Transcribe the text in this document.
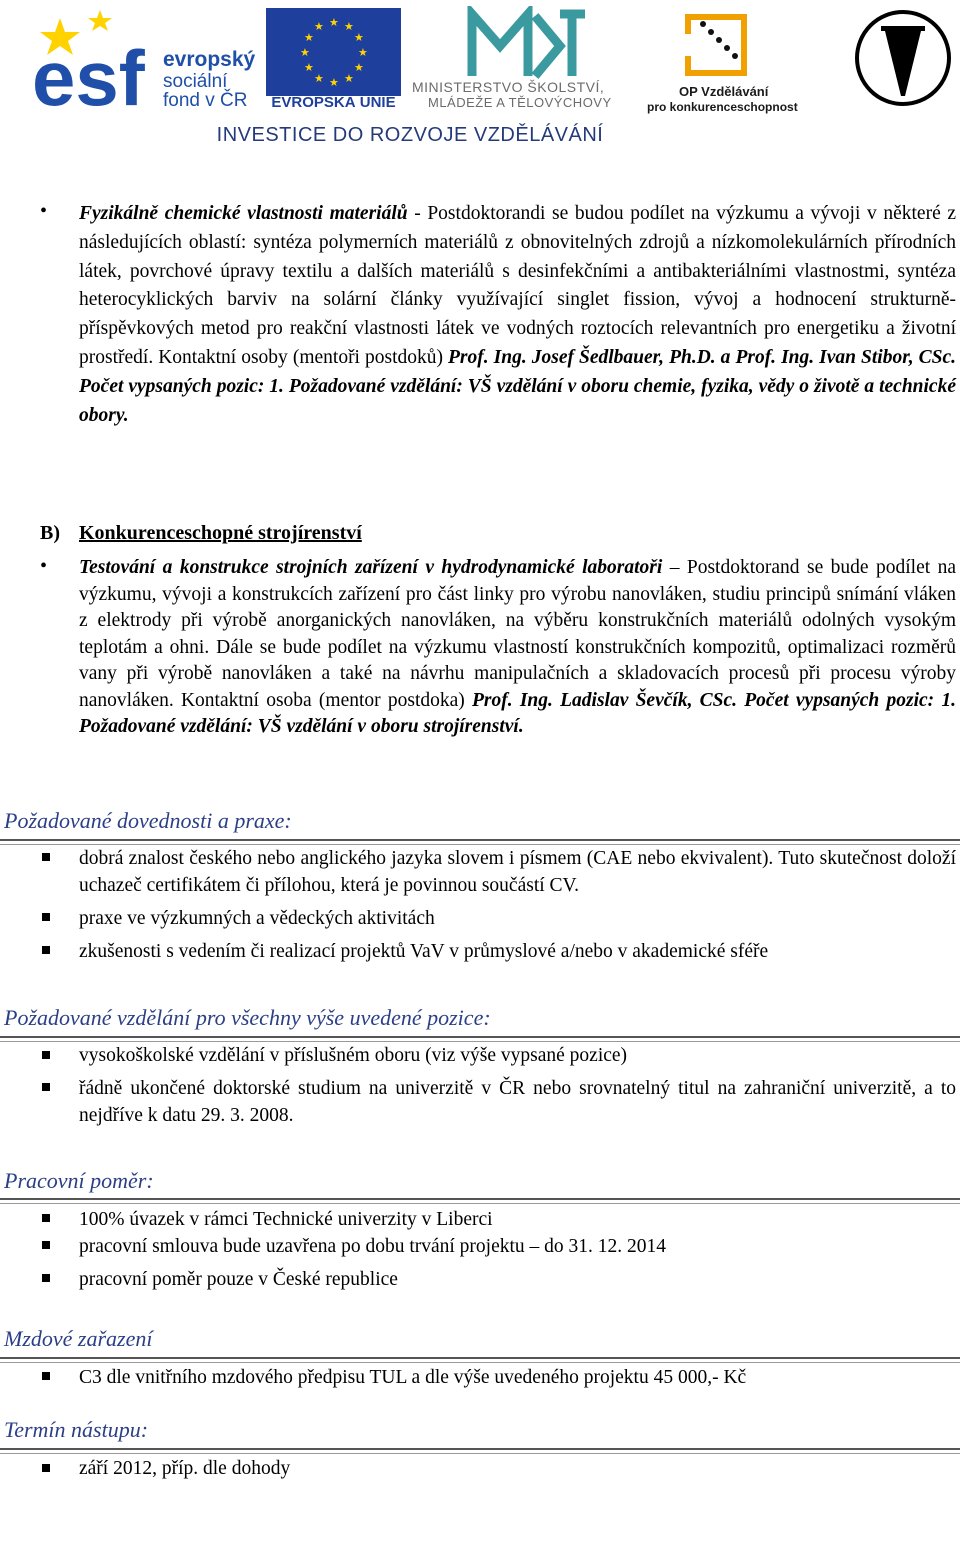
esf evropský
sociální
fond v ČR
★ ★
★
★
★
★
★
★
★
★
★
★
EVROPSKÁ UNIE
MINISTERSTVO ŠKOLSTVÍ,
MLÁDEŽE A TĚLOVÝCHOVY
OP Vzdělávání
pro konkurenceschopnost
INVESTICE DO ROZVOJE VZDĚLÁVÁNÍ
• Fyzikálně chemické vlastnosti materiálů - Postdoktorandi se budou podílet na výzkumu a vývoji v některé z následujících oblastí: syntéza polymerních materiálů z obnovitelných zdrojů a nízkomolekulárních přírodních látek, povrchové úpravy textilu a dalších materiálů s desinfekčními a antibakteriálními vlastnostmi, syntéza heterocyklických barviv na solární články využívající singlet fission, vývoj a hodnocení strukturně-příspěvkových metod pro reakční vlastnosti látek ve vodných roztocích relevantních pro energetiku a životní prostředí. Kontaktní osoby (mentoři postdoků) Prof. Ing. Josef Šedlbauer, Ph.D. a Prof. Ing. Ivan Stibor, CSc. Počet vypsaných pozic: 1. Požadované vzdělání: VŠ vzdělání v oboru chemie, fyzika, vědy o životě a technické obory.
B) Konkurenceschopné strojírenství
• Testování a konstrukce strojních zařízení v hydrodynamické laboratoři – Postdoktorand se bude podílet na výzkumu, vývoji a konstrukcích zařízení pro část linky pro výrobu nanovláken, studiu principů snímání vláken z elektrody při výrobě anorganických nanovláken, na výběru konstrukčních materiálů odolných vysokým teplotám a ohni. Dále se bude podílet na výzkumu vlastností konstrukčních kompozitů, optimalizaci rozměrů vany při výrobě nanovláken a také na návrhu manipulačních a skladovacích procesů při procesu výroby nanovláken. Kontaktní osoba (mentor postdoka) Prof. Ing. Ladislav Ševčík, CSc. Počet vypsaných pozic: 1. Požadované vzdělání: VŠ vzdělání v oboru strojírenství.
Požadované dovednosti a praxe:
dobrá znalost českého nebo anglického jazyka slovem i písmem (CAE nebo ekvivalent). Tuto skutečnost doloží uchazeč certifikátem či přílohou, která je povinnou součástí CV.
praxe ve výzkumných a vědeckých aktivitách
zkušenosti s vedením či realizací projektů VaV v průmyslové a/nebo v akademické sféře
Požadované vzdělání pro všechny výše uvedené pozice:
vysokoškolské vzdělání v příslušném oboru (viz výše vypsané pozice)
řádně ukončené doktorské studium na univerzitě v ČR nebo srovnatelný titul na zahraniční univerzitě, a to nejdříve k datu 29. 3. 2008.
Pracovní poměr:
100% úvazek v rámci Technické univerzity v Liberci
pracovní smlouva bude uzavřena po dobu trvání projektu – do 31. 12. 2014
pracovní poměr pouze v České republice
Mzdové zařazení
C3 dle vnitřního mzdového předpisu TUL a dle výše uvedeného projektu 45 000,- Kč
Termín nástupu:
září 2012, příp. dle dohody
